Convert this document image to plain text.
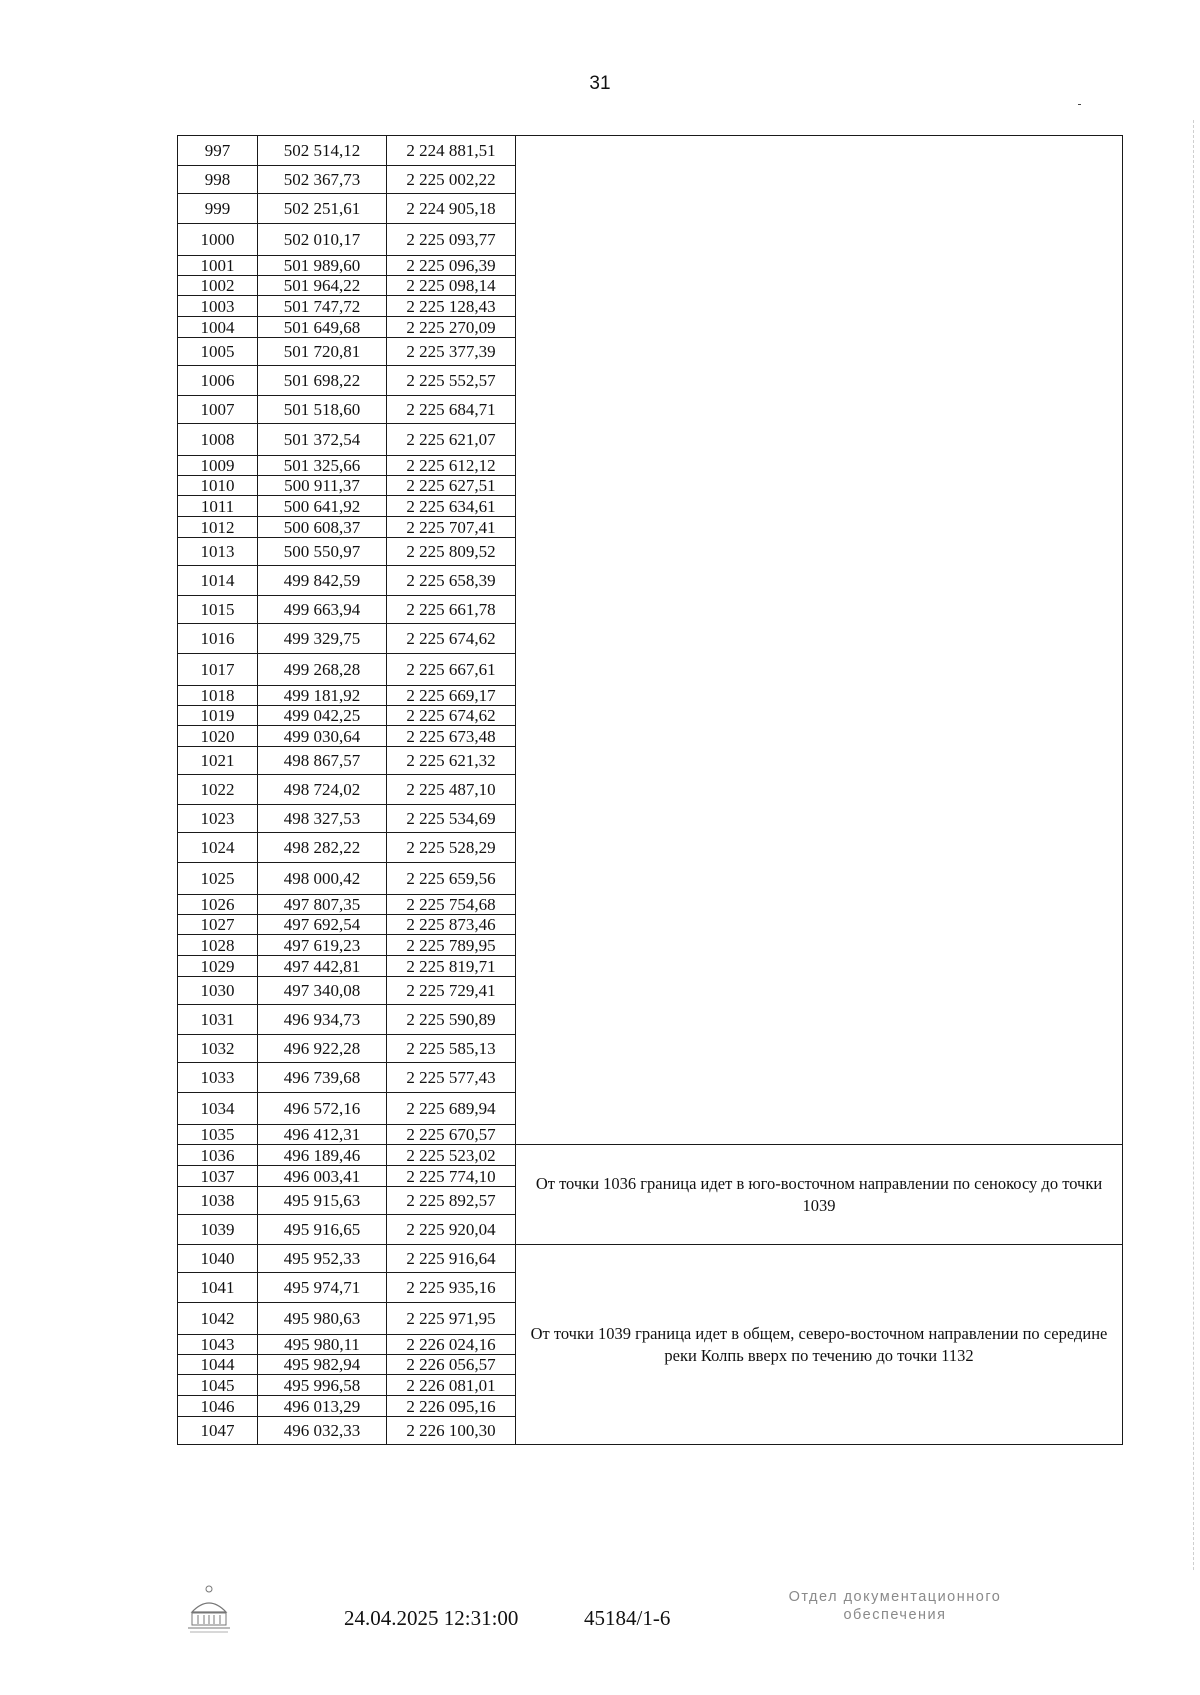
31
997	502 514,12	2 224 881,51	
998	502 367,73	2 225 002,22	
999	502 251,61	2 224 905,18	
1000	502 010,17	2 225 093,77	
1001	501 989,60	2 225 096,39	
1002	501 964,22	2 225 098,14	
1003	501 747,72	2 225 128,43	
1004	501 649,68	2 225 270,09	
1005	501 720,81	2 225 377,39	
1006	501 698,22	2 225 552,57	
1007	501 518,60	2 225 684,71	
1008	501 372,54	2 225 621,07	
1009	501 325,66	2 225 612,12	
1010	500 911,37	2 225 627,51	
1011	500 641,92	2 225 634,61	
1012	500 608,37	2 225 707,41	
1013	500 550,97	2 225 809,52	
1014	499 842,59	2 225 658,39	
1015	499 663,94	2 225 661,78	
1016	499 329,75	2 225 674,62	
1017	499 268,28	2 225 667,61	
1018	499 181,92	2 225 669,17	
1019	499 042,25	2 225 674,62	
1020	499 030,64	2 225 673,48	
1021	498 867,57	2 225 621,32	
1022	498 724,02	2 225 487,10	
1023	498 327,53	2 225 534,69	
1024	498 282,22	2 225 528,29	
1025	498 000,42	2 225 659,56	
1026	497 807,35	2 225 754,68	
1027	497 692,54	2 225 873,46	
1028	497 619,23	2 225 789,95	
1029	497 442,81	2 225 819,71	
1030	497 340,08	2 225 729,41	
1031	496 934,73	2 225 590,89	
1032	496 922,28	2 225 585,13	
1033	496 739,68	2 225 577,43	
1034	496 572,16	2 225 689,94	
1035	496 412,31	2 225 670,57	
1036	496 189,46	2 225 523,02	От точки 1036 граница идет в юго-восточном направлении по сенокосу до точки 1039
1037	496 003,41	2 225 774,10	
1038	495 915,63	2 225 892,57	
1039	495 916,65	2 225 920,04	
1040	495 952,33	2 225 916,64	От точки 1039 граница идет в общем, северо-восточном направлении по середине реки Колпь вверх по течению до точки 1132
1041	495 974,71	2 225 935,16	
1042	495 980,63	2 225 971,95	
1043	495 980,11	2 226 024,16	
1044	495 982,94	2 226 056,57	
1045	495 996,58	2 226 081,01	
1046	496 013,29	2 226 095,16	
1047	496 032,33	2 226 100,30	
24.04.2025 12:31:00	45184/1-6
Отдел документационного
обеспечения
